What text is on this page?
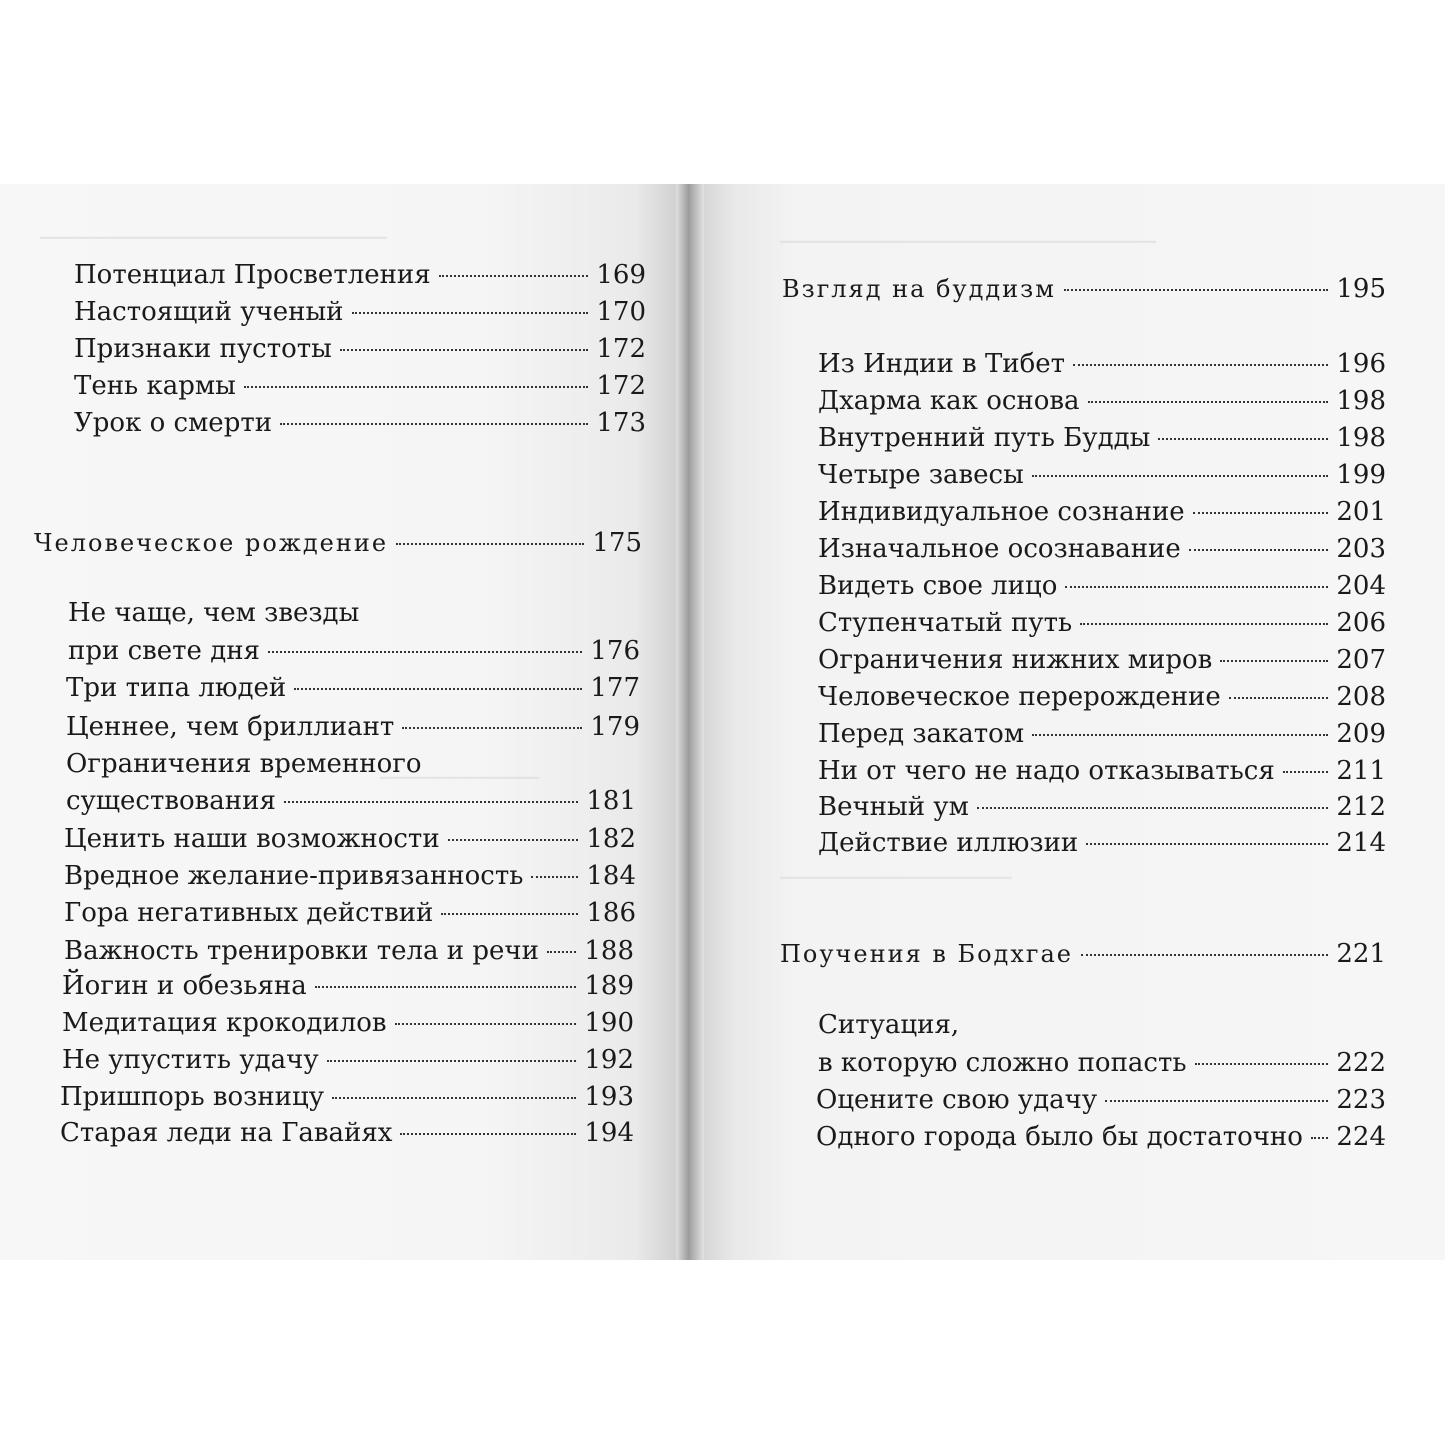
────────────────────────
───────────
Потенциал Просветления	169
Настоящий ученый	170
Признаки пустоты	172
Тень кармы	172
Урок о смерти	173
Человеческое рождение	175
Не чаще, чем звезды
при свете дня	176
Три типа людей	177
Ценнее, чем бриллиант	179
Ограничения временного
существования	181
Ценить наши возможности	182
Вредное желание-привязанность 184
Гора негативных действий	186
Важность тренировки тела и речи 188
Йогин и обезьяна	189
Медитация крокодилов	190
Не упустить удачу	192
Пришпорь возницу	193
Старая леди на Гавайях	194
──────────────────────────
────────────────
Взгляд на буддизм	195
Из Индии в Тибет	196
Дхарма как основа	198
Внутренний путь Будды	198
Четыре завесы	199
Индивидуальное сознание	201
Изначальное осознавание	203
Видеть свое лицо	204
Ступенчатый путь	206
Ограничения нижних миров	207
Человеческое перерождение	208
Перед закатом	209
Ни от чего не надо отказываться 211
Вечный ум	212
Действие иллюзии	214
Поучения в Бодхгае	221
Ситуация,
в которую сложно попасть	222
Оцените свою удачу	223
Одного города было бы достаточно 224
